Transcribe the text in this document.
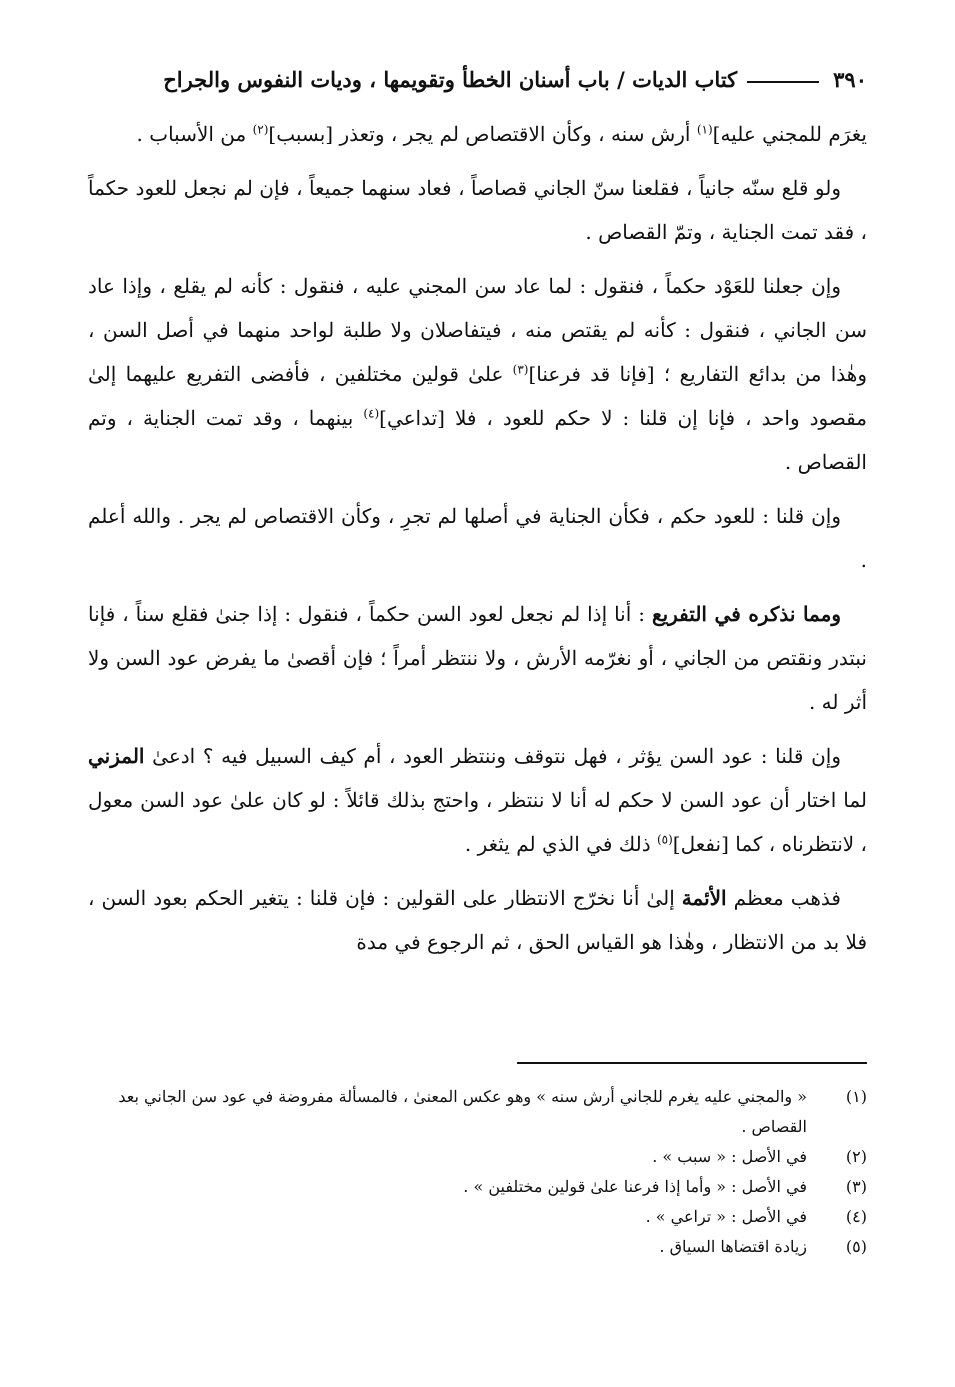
٣٩٠كتاب الديات / باب أسنان الخطأ وتقويمها ، وديات النفوس والجراح

يغرَم للمجني عليه]$^{(١)}$ أرش سنه ، وكأن الاقتصاص لم يجر ، وتعذر [بسبب]$^{(٢)}$ من الأسباب .

ولو قلع سنّه جانياً ، فقلعنا سنّ الجاني قصاصاً ، فعاد سنهما جميعاً ، فإن لم نجعل للعود حكماً ، فقد تمت الجناية ، وتمّ القصاص .

وإن جعلنا للعَوْد حكماً ، فنقول : لما عاد سن المجني عليه ، فنقول : كأنه لم يقلع ، وإذا عاد سن الجاني ، فنقول : كأنه لم يقتص منه ، فيتفاصلان ولا طلبة لواحد منهما في أصل السن ، وهٰذا من بدائع التفاريع ؛ [فإنا قد فرعنا]$^{(٣)}$ علىٰ قولين مختلفين ، فأفضى التفريع عليهما إلىٰ مقصود واحد ، فإنا إن قلنا : لا حكم للعود ، فلا [تداعي]$^{(٤)}$ بينهما ، وقد تمت الجناية ، وتم القصاص .

وإن قلنا : للعود حكم ، فكأن الجناية في أصلها لم تجرِ ، وكأن الاقتصاص لم يجر . والله أعلم .

ومما نذكره في التفريع : أنا إذا لم نجعل لعود السن حكماً ، فنقول : إذا جنىٰ فقلع سناً ، فإنا نبتدر ونقتص من الجاني ، أو نغرّمه الأرش ، ولا ننتظر أمراً ؛ فإن أقصىٰ ما يفرض عود السن ولا أثر له .

وإن قلنا : عود السن يؤثر ، فهل نتوقف وننتظر العود ، أم كيف السبيل فيه ؟ ادعىٰ المزني لما اختار أن عود السن لا حكم له أنا لا ننتظر ، واحتج بذلك قائلاً : لو كان علىٰ عود السن معول ، لانتظرناه ، كما [نفعل]$^{(٥)}$ ذلك في الذي لم يثغر .

فذهب معظم الأئمة إلىٰ أنا نخرّج الانتظار على القولين : فإن قلنا : يتغير الحكم بعود السن ، فلا بد من الانتظار ، وهٰذا هو القياس الحق ، ثم الرجوع في مدة

(١)
« والمجني عليه يغرم للجاني أرش سنه » وهو عكس المعنىٰ ، فالمسألة مفروضة في عود سن الجاني بعد القصاص .
(٢)
في الأصل : « سبب » .
(٣)
في الأصل : « وأما إذا فرعنا علىٰ قولين مختلفين » .
(٤)
في الأصل : « تراعي » .
(٥)
زيادة اقتضاها السياق .
